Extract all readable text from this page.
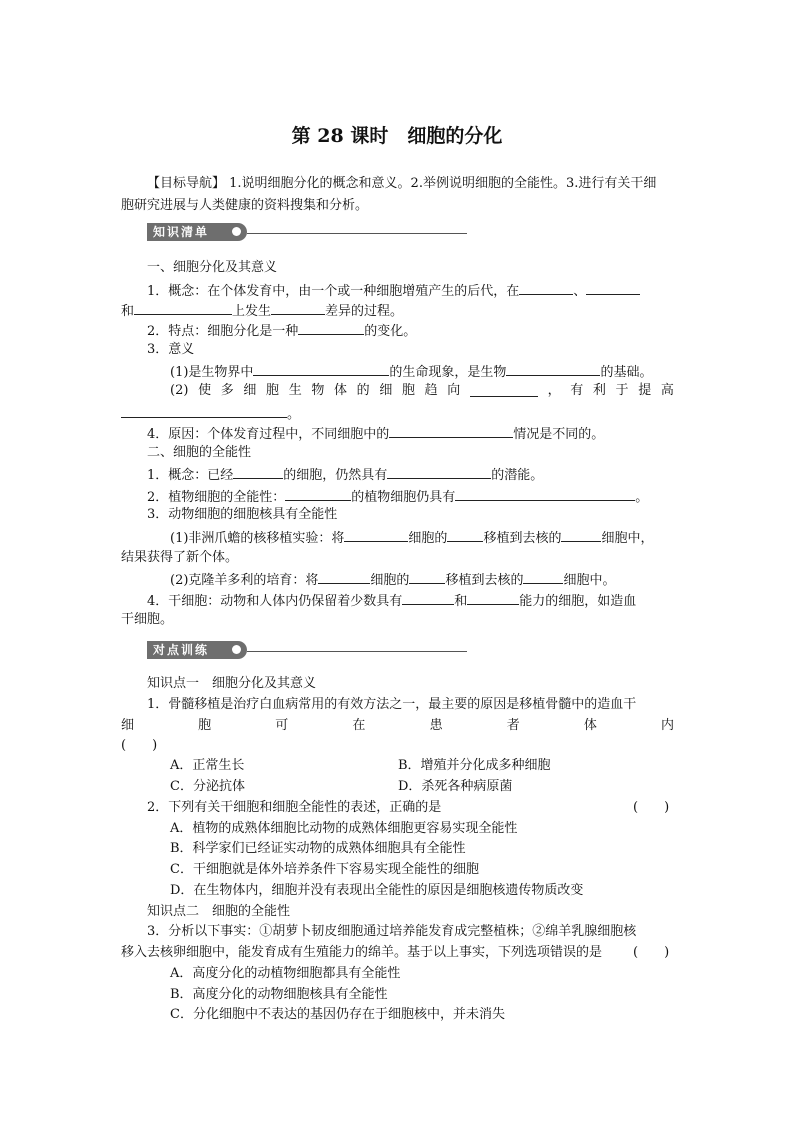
第 28 课时　细胞的分化
【目标导航】 1.说明细胞分化的概念和意义。2.举例说明细胞的全能性。3.进行有关干细
胞研究进展与人类健康的资料搜集和分析。
知识清单
一、细胞分化及其意义
1．概念：在个体发育中，由一个或一种细胞增殖产生的后代，在	、
和	上发生	差异的过程。
2．特点：细胞分化是一种	的变化。
3．意义
(1)是生物界中	的生命现象，是生物	的基础。
(2) 使 多 细 胞 生 物 体 的 细 胞 趋 向	， 有 利 于 提 高
。
4．原因：个体发育过程中，不同细胞中的	情况是不同的。
二、细胞的全能性
1．概念：已经	的细胞，仍然具有	的潜能。
2．植物细胞的全能性：	的植物细胞仍具有	。
3．动物细胞的细胞核具有全能性
(1)非洲爪蟾的核移植实验：将	细胞的	移植到去核的	细胞中，
结果获得了新个体。
(2)克隆羊多利的培育：将	细胞的	移植到去核的	细胞中。
4．干细胞：动物和人体内仍保留着少数具有	和	能力的细胞，如造血
干细胞。
对点训练
知识点一　细胞分化及其意义
1．骨髓移植是治疗白血病常用的有效方法之一，最主要的原因是移植骨髓中的造血干
细	胞	可	在	患	者	体	内
(　　)
A．正常生长	B．增殖并分化成多种细胞
C．分泌抗体	D．杀死各种病原菌
2．下列有关干细胞和细胞全能性的表述，正确的是	(　　)
A．植物的成熟体细胞比动物的成熟体细胞更容易实现全能性
B．科学家们已经证实动物的成熟体细胞具有全能性
C．干细胞就是体外培养条件下容易实现全能性的细胞
D．在生物体内，细胞并没有表现出全能性的原因是细胞核遗传物质改变
知识点二　细胞的全能性
3．分析以下事实：①胡萝卜韧皮细胞通过培养能发育成完整植株；②绵羊乳腺细胞核
移入去核卵细胞中，能发育成有生殖能力的绵羊。基于以上事实，下列选项错误的是 (　　)
A．高度分化的动植物细胞都具有全能性
B．高度分化的动物细胞核具有全能性
C．分化细胞中不表达的基因仍存在于细胞核中，并未消失
